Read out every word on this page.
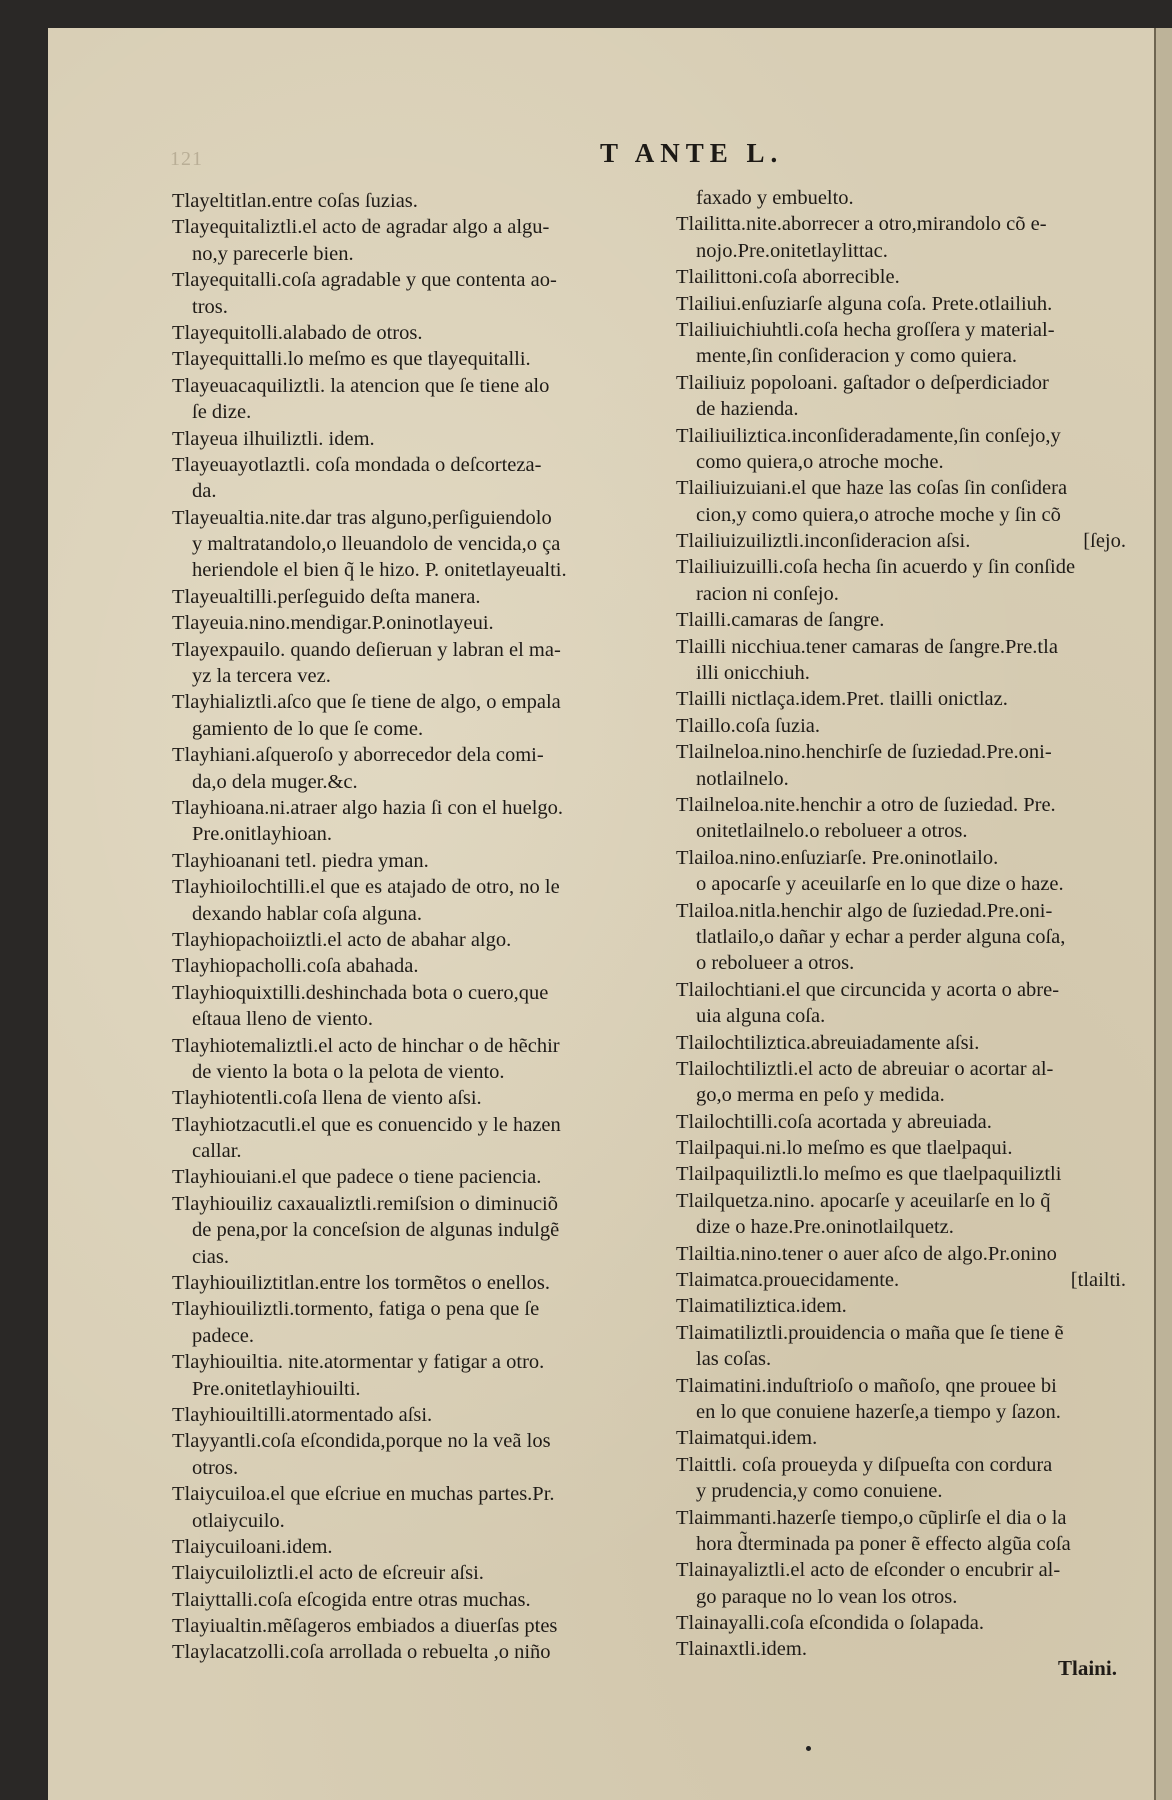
121	T ANTE L.
Tlayeltitlan.entre coſas ſuzias.
Tlayequitaliztli.el acto de agradar algo a algu-
no,y parecerle bien.
Tlayequitalli.coſa agradable y que contenta ao-
tros.
Tlayequitolli.alabado de otros.
Tlayequittalli.lo meſmo es que tlayequitalli.
Tlayeuacaquiliztli. la atencion que ſe tiene alo
ſe dize.
Tlayeua ilhuiliztli. idem.
Tlayeuayotlaztli. coſa mondada o deſcorteza-
da.
Tlayeualtia.nite.dar tras alguno,perſiguiendolo
y maltratandolo,o lleuandolo de vencida,o ça
heriendole el bien q̃ le hizo. P. onitetlayeualti.
Tlayeualtilli.perſeguido deſta manera.
Tlayeuia.nino.mendigar.P.oninotlayeui.
Tlayexpauilo. quando deſieruan y labran el ma-
yz la tercera vez.
Tlayhializtli.aſco que ſe tiene de algo, o empala
gamiento de lo que ſe come.
Tlayhiani.aſqueroſo y aborrecedor dela comi-
da,o dela muger.&c.
Tlayhioana.ni.atraer algo hazia ſi con el huelgo.
Pre.onitlayhioan.
Tlayhioanani tetl. piedra yman.
Tlayhioilochtilli.el que es atajado de otro, no le
dexando hablar coſa alguna.
Tlayhiopachoiiztli.el acto de abahar algo.
Tlayhiopacholli.coſa abahada.
Tlayhioquixtilli.deshinchada bota o cuero,que
eſtaua lleno de viento.
Tlayhiotemaliztli.el acto de hinchar o de hẽchir
de viento la bota o la pelota de viento.
Tlayhiotentli.coſa llena de viento aſsi.
Tlayhiotzacutli.el que es conuencido y le hazen
callar.
Tlayhiouiani.el que padece o tiene paciencia.
Tlayhiouiliz caxaualiztli.remiſsion o diminuciõ
de pena,por la conceſsion de algunas indulgẽ
cias.
Tlayhiouiliztitlan.entre los tormẽtos o enellos.
Tlayhiouiliztli.tormento, fatiga o pena que ſe
padece.
Tlayhiouiltia. nite.atormentar y fatigar a otro.
Pre.onitetlayhiouilti.
Tlayhiouiltilli.atormentado aſsi.
Tlayyantli.coſa eſcondida,porque no la veã los
otros.
Tlaiycuiloa.el que eſcriue en muchas partes.Pr.
otlaiycuilo.
Tlaiycuiloani.idem.
Tlaiycuiloliztli.el acto de eſcreuir aſsi.
Tlaiyttalli.coſa eſcogida entre otras muchas.
Tlayiualtin.mẽſageros embiados a diuerſas ptes
Tlaylacatzolli.coſa arrollada o rebuelta ,o niño
faxado y embuelto.
Tlailitta.nite.aborrecer a otro,mirandolo cõ e-
nojo.Pre.onitetlaylittac.
Tlailittoni.coſa aborrecible.
Tlailiui.enſuziarſe alguna coſa. Prete.otlailiuh.
Tlailiuichiuhtli.coſa hecha groſſera y material-
mente,ſin conſideracion y como quiera.
Tlailiuiz popoloani. gaſtador o deſperdiciador
de hazienda.
Tlailiuiliztica.inconſideradamente,ſin conſejo,y
como quiera,o atroche moche.
Tlailiuizuiani.el que haze las coſas ſin conſidera
cion,y como quiera,o atroche moche y ſin cõ
Tlailiuizuiliztli.inconſideracion aſsi.	[ſejo.
Tlailiuizuilli.coſa hecha ſin acuerdo y ſin conſide
racion ni conſejo.
Tlailli.camaras de ſangre.
Tlailli nicchiua.tener camaras de ſangre.Pre.tla
illi onicchiuh.
Tlailli nictlaça.idem.Pret. tlailli onictlaz.
Tlaillo.coſa ſuzia.
Tlailneloa.nino.henchirſe de ſuziedad.Pre.oni-
notlailnelo.
Tlailneloa.nite.henchir a otro de ſuziedad. Pre.
onitetlailnelo.o rebolueer a otros.
Tlailoa.nino.enſuziarſe. Pre.oninotlailo.
o apocarſe y aceuilarſe en lo que dize o haze.
Tlailoa.nitla.henchir algo de ſuziedad.Pre.oni-
tlatlailo,o dañar y echar a perder alguna coſa,
o rebolueer a otros.
Tlailochtiani.el que circuncida y acorta o abre-
uia alguna coſa.
Tlailochtiliztica.abreuiadamente aſsi.
Tlailochtiliztli.el acto de abreuiar o acortar al-
go,o merma en peſo y medida.
Tlailochtilli.coſa acortada y abreuiada.
Tlailpaqui.ni.lo meſmo es que tlaelpaqui.
Tlailpaquiliztli.lo meſmo es que tlaelpaquiliztli
Tlailquetza.nino. apocarſe y aceuilarſe en lo q̃
dize o haze.Pre.oninotlailquetz.
Tlailtia.nino.tener o auer aſco de algo.Pr.onino
Tlaimatca.prouecidamente.	[tlailti.
Tlaimatiliztica.idem.
Tlaimatiliztli.prouidencia o maña que ſe tiene ẽ
las coſas.
Tlaimatini.induſtrioſo o mañoſo, qne prouee bi
en lo que conuiene hazerſe,a tiempo y ſazon.
Tlaimatqui.idem.
Tlaittli. coſa proueyda y diſpueſta con cordura
y prudencia,y como conuiene.
Tlaimmanti.hazerſe tiempo,o cũplirſe el dia o la
hora d̃terminada pa poner ẽ effecto algũa coſa
Tlainayaliztli.el acto de eſconder o encubrir al-
go paraque no lo vean los otros.
Tlainayalli.coſa eſcondida o ſolapada.
Tlainaxtli.idem.
Tlaini.
